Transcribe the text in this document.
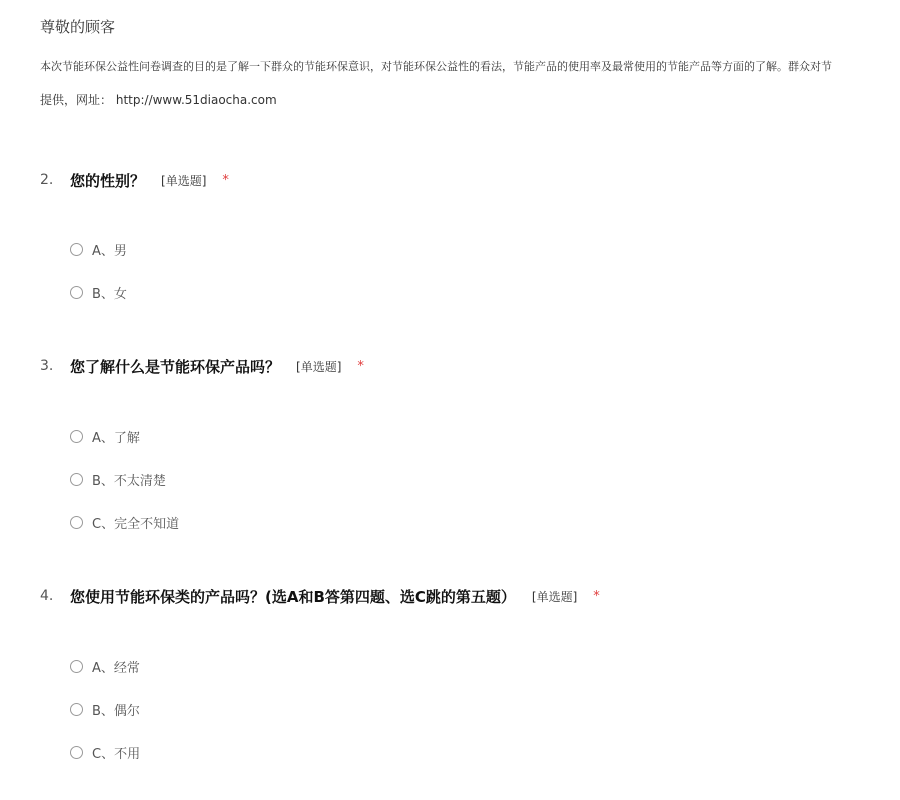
尊敬的顾客
本次节能环保公益性问卷调查的目的是了解一下群众的节能环保意识，对节能环保公益性的看法，节能产品的使用率及最常使用的节能产品等方面的了解。群众对节
提供，网址： http://www.51diaocha.com
2.	您的性别？ [单选题] *
A、男
B、女
3.	您了解什么是节能环保产品吗？ [单选题] *
A、了解
B、不太清楚
C、完全不知道
4.	您使用节能环保类的产品吗？(选A和B答第四题、选C跳的第五题） [单选题] *
A、经常
B、偶尔
C、不用
